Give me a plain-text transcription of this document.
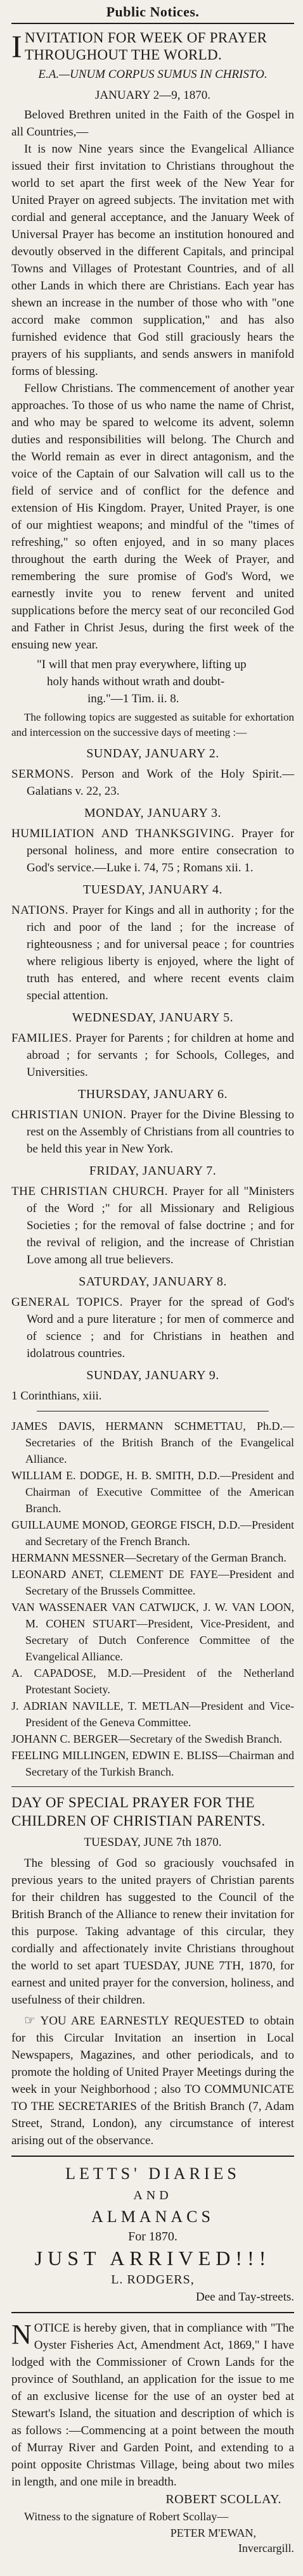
Public Notices.
I NVITATION FOR WEEK OF PRAYER THROUGHOUT THE WORLD.
E.A.—UNUM CORPUS SUMUS IN CHRISTO.

JANUARY 2—9, 1870.

Beloved Brethren united in the Faith of the Gospel in all Countries,—

It is now Nine years since the Evangelical Alliance issued their first invitation to Christians throughout the world to set apart the first week of the New Year for United Prayer on agreed subjects. The invitation met with cordial and general acceptance, and the January Week of Universal Prayer has become an institution honoured and devoutly observed in the different Capitals, and principal Towns and Villages of Protestant Countries, and of all other Lands in which there are Christians. Each year has shewn an increase in the number of those who with "one accord make common supplication," and has also furnished evidence that God still graciously hears the prayers of his suppliants, and sends answers in manifold forms of blessing.

Fellow Christians. The commencement of another year approaches. To those of us who name the name of Christ, and who may be spared to welcome its advent, solemn duties and responsibilities will belong. The Church and the World remain as ever in direct antagonism, and the voice of the Captain of our Salvation will call us to the field of service and of conflict for the defence and extension of His Kingdom. Prayer, United Prayer, is one of our mightiest weapons; and mindful of the "times of refreshing," so often enjoyed, and in so many places throughout the earth during the Week of Prayer, and remembering the sure promise of God's Word, we earnestly invite you to renew fervent and united supplications before the mercy seat of our reconciled God and Father in Christ Jesus, during the first week of the ensuing new year.

"I will that men pray everywhere, lifting up
holy hands without wrath and doubt-
ing."—1 Tim. ii. 8.

The following topics are suggested as suitable for exhortation and intercession on the successive days of meeting :—

SUNDAY, JANUARY 2.

SERMONS. Person and Work of the Holy Spirit.—Galatians v. 22, 23.

MONDAY, JANUARY 3.

HUMILIATION AND THANKSGIVING. Prayer for personal holiness, and more entire consecration to God's service.—Luke i. 74, 75 ; Romans xii. 1.

TUESDAY, JANUARY 4.

NATIONS. Prayer for Kings and all in authority ; for the rich and poor of the land ; for the increase of righteousness ; and for universal peace ; for countries where religious liberty is enjoyed, where the light of truth has entered, and where recent events claim special attention.

WEDNESDAY, JANUARY 5.

FAMILIES. Prayer for Parents ; for children at home and abroad ; for servants ; for Schools, Colleges, and Universities.

THURSDAY, JANUARY 6.

CHRISTIAN UNION. Prayer for the Divine Blessing to rest on the Assembly of Christians from all countries to be held this year in New York.

FRIDAY, JANUARY 7.

THE CHRISTIAN CHURCH. Prayer for all "Ministers of the Word ;" for all Missionary and Religious Societies ; for the removal of false doctrine ; and for the revival of religion, and the increase of Christian Love among all true believers.

SATURDAY, JANUARY 8.

GENERAL TOPICS. Prayer for the spread of God's Word and a pure literature ; for men of commerce and of science ; and for Christians in heathen and idolatrous countries.

SUNDAY, JANUARY 9.

1 Corinthians, xiii.

JAMES DAVIS, HERMANN SCHMETTAU, Ph.D.—Secretaries of the British Branch of the Evangelical Alliance.

WILLIAM E. DODGE, H. B. SMITH, D.D.—President and Chairman of Executive Committee of the American Branch.

GUILLAUME MONOD, GEORGE FISCH, D.D.—President and Secretary of the French Branch.

HERMANN MESSNER—Secretary of the German Branch.

LEONARD ANET, CLEMENT DE FAYE—President and Secretary of the Brussels Committee.

VAN WASSENAER VAN CATWIJCK, J. W. VAN LOON, M. COHEN STUART—President, Vice-President, and Secretary of Dutch Conference Committee of the Evangelical Alliance.

A. CAPADOSE, M.D.—President of the Netherland Protestant Society.

J. ADRIAN NAVILLE, T. METLAN—President and Vice-President of the Geneva Committee.

JOHANN C. BERGER—Secretary of the Swedish Branch.

FEELING MILLINGEN, EDWIN E. BLISS—Chairman and Secretary of the Turkish Branch.

DAY OF SPECIAL PRAYER FOR THE CHILDREN OF CHRISTIAN PARENTS.

TUESDAY, JUNE 7th 1870.

The blessing of God so graciously vouchsafed in previous years to the united prayers of Christian parents for their children has suggested to the Council of the British Branch of the Alliance to renew their invitation for this purpose. Taking advantage of this circular, they cordially and affectionately invite Christians throughout the world to set apart TUESDAY, JUNE 7TH, 1870, for earnest and united prayer for the conversion, holiness, and usefulness of their children.

☞ YOU ARE EARNESTLY REQUESTED to obtain for this Circular Invitation an insertion in Local Newspapers, Magazines, and other periodicals, and to promote the holding of United Prayer Meetings during the week in your Neighborhood ; also TO COMMUNICATE TO THE SECRETARIES of the British Branch (7, Adam Street, Strand, London), any circumstance of interest arising out of the observance.

LETTS' DIARIES
AND
ALMANACS
For 1870.
JUST ARRIVED!!!
L. RODGERS,
Dee and Tay-streets.

NOTICE is hereby given, that in compliance with "The Oyster Fisheries Act, Amendment Act, 1869," I have lodged with the Commissioner of Crown Lands for the province of Southland, an application for the issue to me of an exclusive license for the use of an oyster bed at Stewart's Island, the situation and description of which is as follows :—Commencing at a point between the mouth of Murray River and Garden Point, and extending to a point opposite Christmas Village, being about two miles in length, and one mile in breadth.

ROBERT SCOLLAY.

Witness to the signature of Robert Scollay—

PETER M'EWAN,
Invercargill.
